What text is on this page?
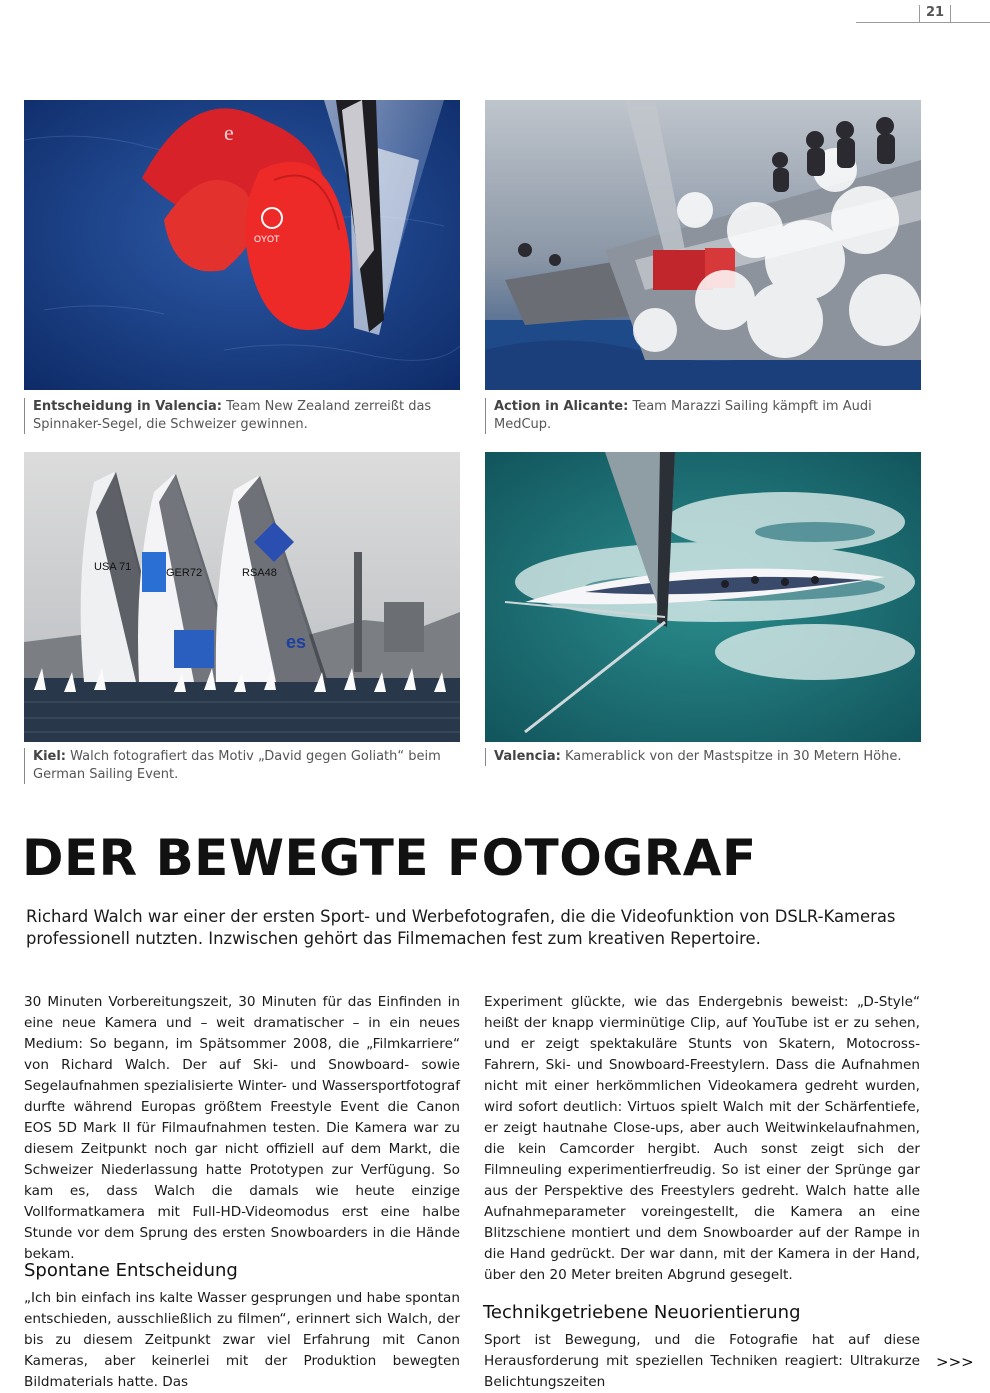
21
OYOT
e
Entscheidung in Valencia: Team New Zealand zerreißt das Spinnaker-Segel, die Schweizer gewinnen.
Action in Alicante: Team Marazzi Sailing kämpft im Audi MedCup.
USA 71	GER72	RSA48
es
Kiel: Walch fotografiert das Motiv „David gegen Goliath“ beim German Sailing Event.
Valencia: Kamerablick von der Mastspitze in 30 Metern Höhe.
DER BEWEGTE FOTOGRAF

Richard Walch war einer der ersten Sport- und Werbefotografen, die die Videofunktion von DSLR-Kameras professionell nutzten. Inzwischen gehört das Filmemachen fest zum kreativen Repertoire.

30 Minuten Vorbereitungszeit, 30 Minuten für das Einfinden in eine neue Kamera und – weit dramatischer – in ein neues Medium: So begann, im Spätsommer 2008, die „Filmkarriere“ von Richard Walch. Der auf Ski- und Snowboard- sowie Segelaufnahmen spezialisierte Winter- und Wassersportfotograf durfte während Europas größtem Freestyle Event die Canon EOS 5D Mark II für Filmaufnahmen testen. Die Kamera war zu diesem Zeitpunkt noch gar nicht offiziell auf dem Markt, die Schweizer Niederlassung hatte Prototypen zur Verfügung. So kam es, dass Walch die damals wie heute einzige Vollformatkamera mit Full-HD-Videomodus erst eine halbe Stunde vor dem Sprung des ersten Snowboarders in die Hände bekam.

Spontane Entscheidung

„Ich bin einfach ins kalte Wasser gesprungen und habe spontan entschieden, ausschließlich zu filmen“, erinnert sich Walch, der bis zu diesem Zeitpunkt zwar viel Erfahrung mit Canon Kameras, aber keinerlei mit der Produktion bewegten Bildmaterials hatte. Das

Experiment glückte, wie das Endergebnis beweist: „D-Style“ heißt der knapp vierminütige Clip, auf YouTube ist er zu sehen, und er zeigt spektakuläre Stunts von Skatern, Motocross-Fahrern, Ski- und Snowboard-Freestylern. Dass die Aufnahmen nicht mit einer herkömmlichen Videokamera gedreht wurden, wird sofort deutlich: Virtuos spielt Walch mit der Schärfentiefe, er zeigt hautnahe Close-ups, aber auch Weitwinkelaufnahmen, die kein Camcorder hergibt. Auch sonst zeigt sich der Filmneuling experimentierfreudig. So ist einer der Sprünge gar aus der Perspektive des Freestylers gedreht. Walch hatte alle Aufnahmeparameter voreingestellt, die Kamera an eine Blitzschiene montiert und dem Snowboarder auf der Rampe in die Hand gedrückt. Der war dann, mit der Kamera in der Hand, über den 20 Meter breiten Abgrund gesegelt.

Technikgetriebene Neuorientierung

Sport ist Bewegung, und die Fotografie hat auf diese Herausforderung mit speziellen Techniken reagiert: Ultrakurze Belichtungszeiten

>>>
